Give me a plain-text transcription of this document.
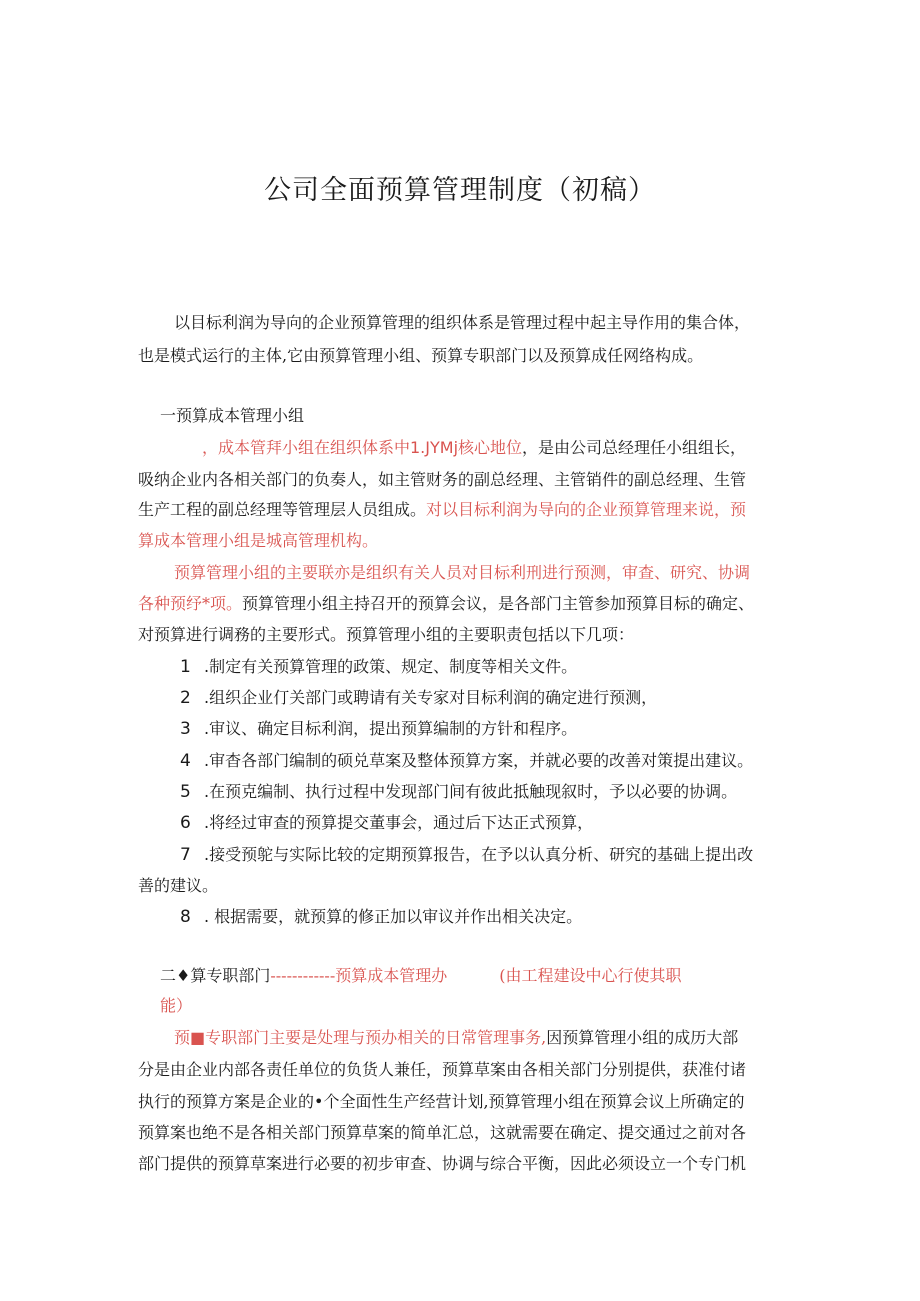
公司全面预算管理制度（初稿）
以目标利润为导向的企业预算管理的组织体系是管理过程中起主导作用的集合体，
也是模式运行的主体,它由预算管理小组、预算专职部门以及预算成任网络构成。
一预算成本管理小组
，成本管拜小组在组织体系中1.JYMj核心地位，是由公司总经理任小组组长，
吸纳企业内各相关部门的负奏人，如主管财务的副总经理、主管销件的副总经理、生管
生产工程的副总经理等管理层人员组成。对以目标利润为导向的企业预算管理来说，预
算成本管理小组是城高管理机构。
预算管理小组的主要联亦是组织有关人员对目标利刑进行预测，审查、研究、协调
各种预纾*项。预算管理小组主持召开的预算会议，是各部门主管参加预算目标的确定、
对预算进行调務的主要形式。预算管理小组的主要职责包括以下几项：
1 .制定有关预算管理的政策、规定、制度等相关文件。
2 .组织企业仃关部门或聘请有关专家对目标利润的确定进行预测，
3 .审议、确定目标利润，提出预算编制的方针和程序。
4 .审杳各部门编制的硕兑草案及整体预算方案，并就必要的改善对策提出建议。
5 .在预克编制、执行过程中发现部门间有彼此抵触现叙时，予以必要的协调。
6 .将经过审查的预算提交董事会，通过后下达正式预算，
7 .接受预鸵与实际比较的定期预算报告，在予以认真分析、研究的基础上提出改
善的建议。
8 . 根据需要，就预算的修正加以审议并作出相关决定。
二♦算专职部门------------预算成本管理办	(由工程建设中心行使其职
能）
预■专职部门主要是处理与预办相关的日常管理事务,因预算管理小组的成历大部
分是由企业内部各责任单位的负货人兼任，预算草案由各相关部门分别提供，获准付诸
执行的预算方案是企业的•个全面性生产经营计划,预算管理小组在预算会议上所确定的
预算案也绝不是各相关部门预算草案的简单汇总，这就需要在确定、提交通过之前对各
部门提供的预算草案进行必要的初步审查、协调与综合平衡，因此必须设立一个专门机
